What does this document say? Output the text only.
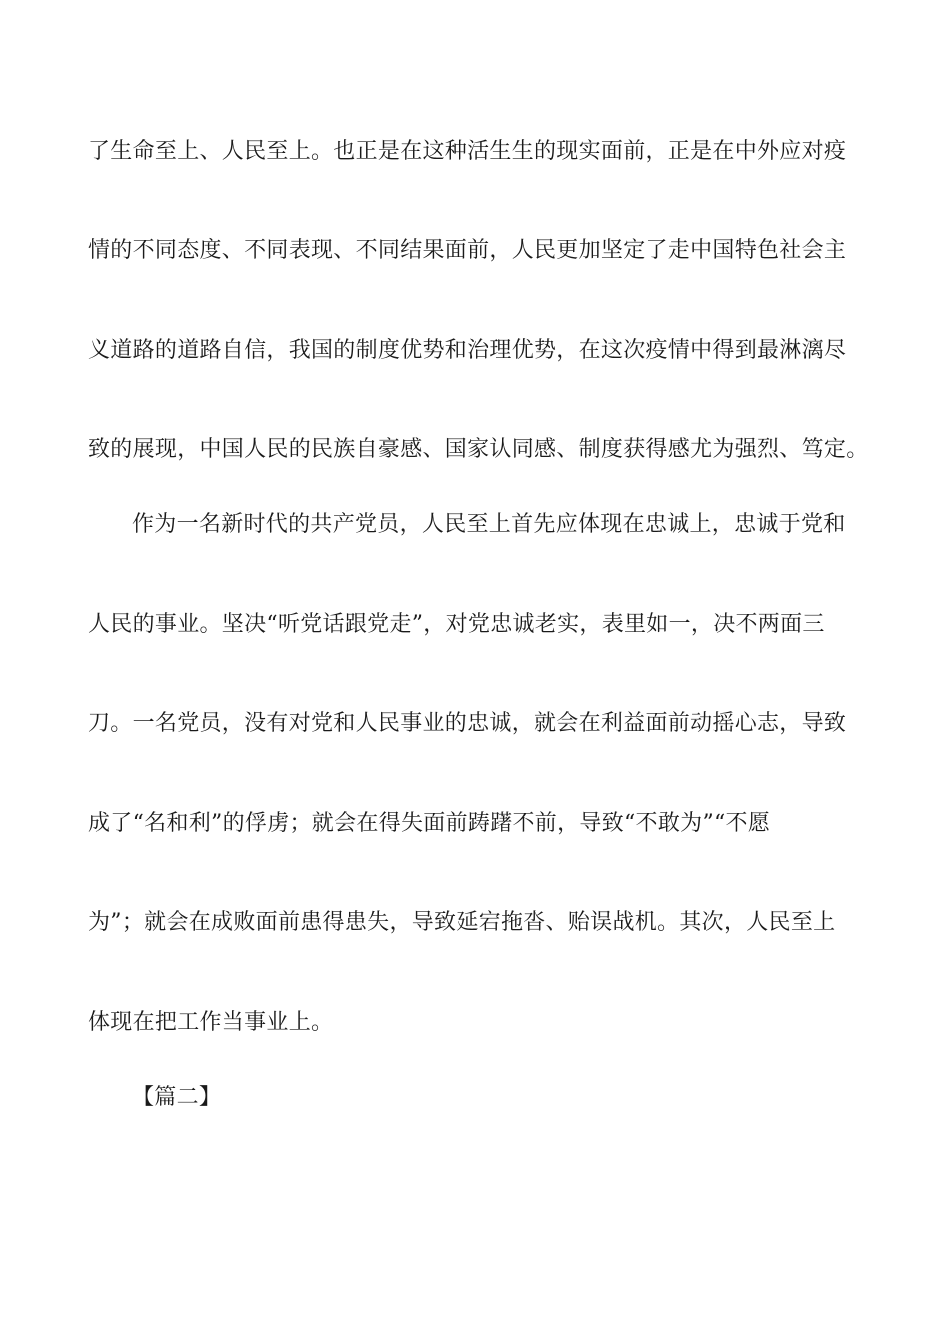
了生命至上、人民至上。也正是在这种活生生的现实面前，正是在中外应对疫
情的不同态度、不同表现、不同结果面前，人民更加坚定了走中国特色社会主
义道路的道路自信，我国的制度优势和治理优势，在这次疫情中得到最淋漓尽
致的展现，中国人民的民族自豪感、国家认同感、制度获得感尤为强烈、笃定。
作为一名新时代的共产党员，人民至上首先应体现在忠诚上，忠诚于党和
人民的事业。坚决“听党话跟党走”，对党忠诚老实，表里如一，决不两面三
刀。一名党员，没有对党和人民事业的忠诚，就会在利益面前动摇心志，导致
成了“名和利”的俘虏；就会在得失面前踌躇不前，导致“不敢为”“不愿
为”；就会在成败面前患得患失，导致延宕拖沓、贻误战机。其次，人民至上
体现在把工作当事业上。
【篇二】
